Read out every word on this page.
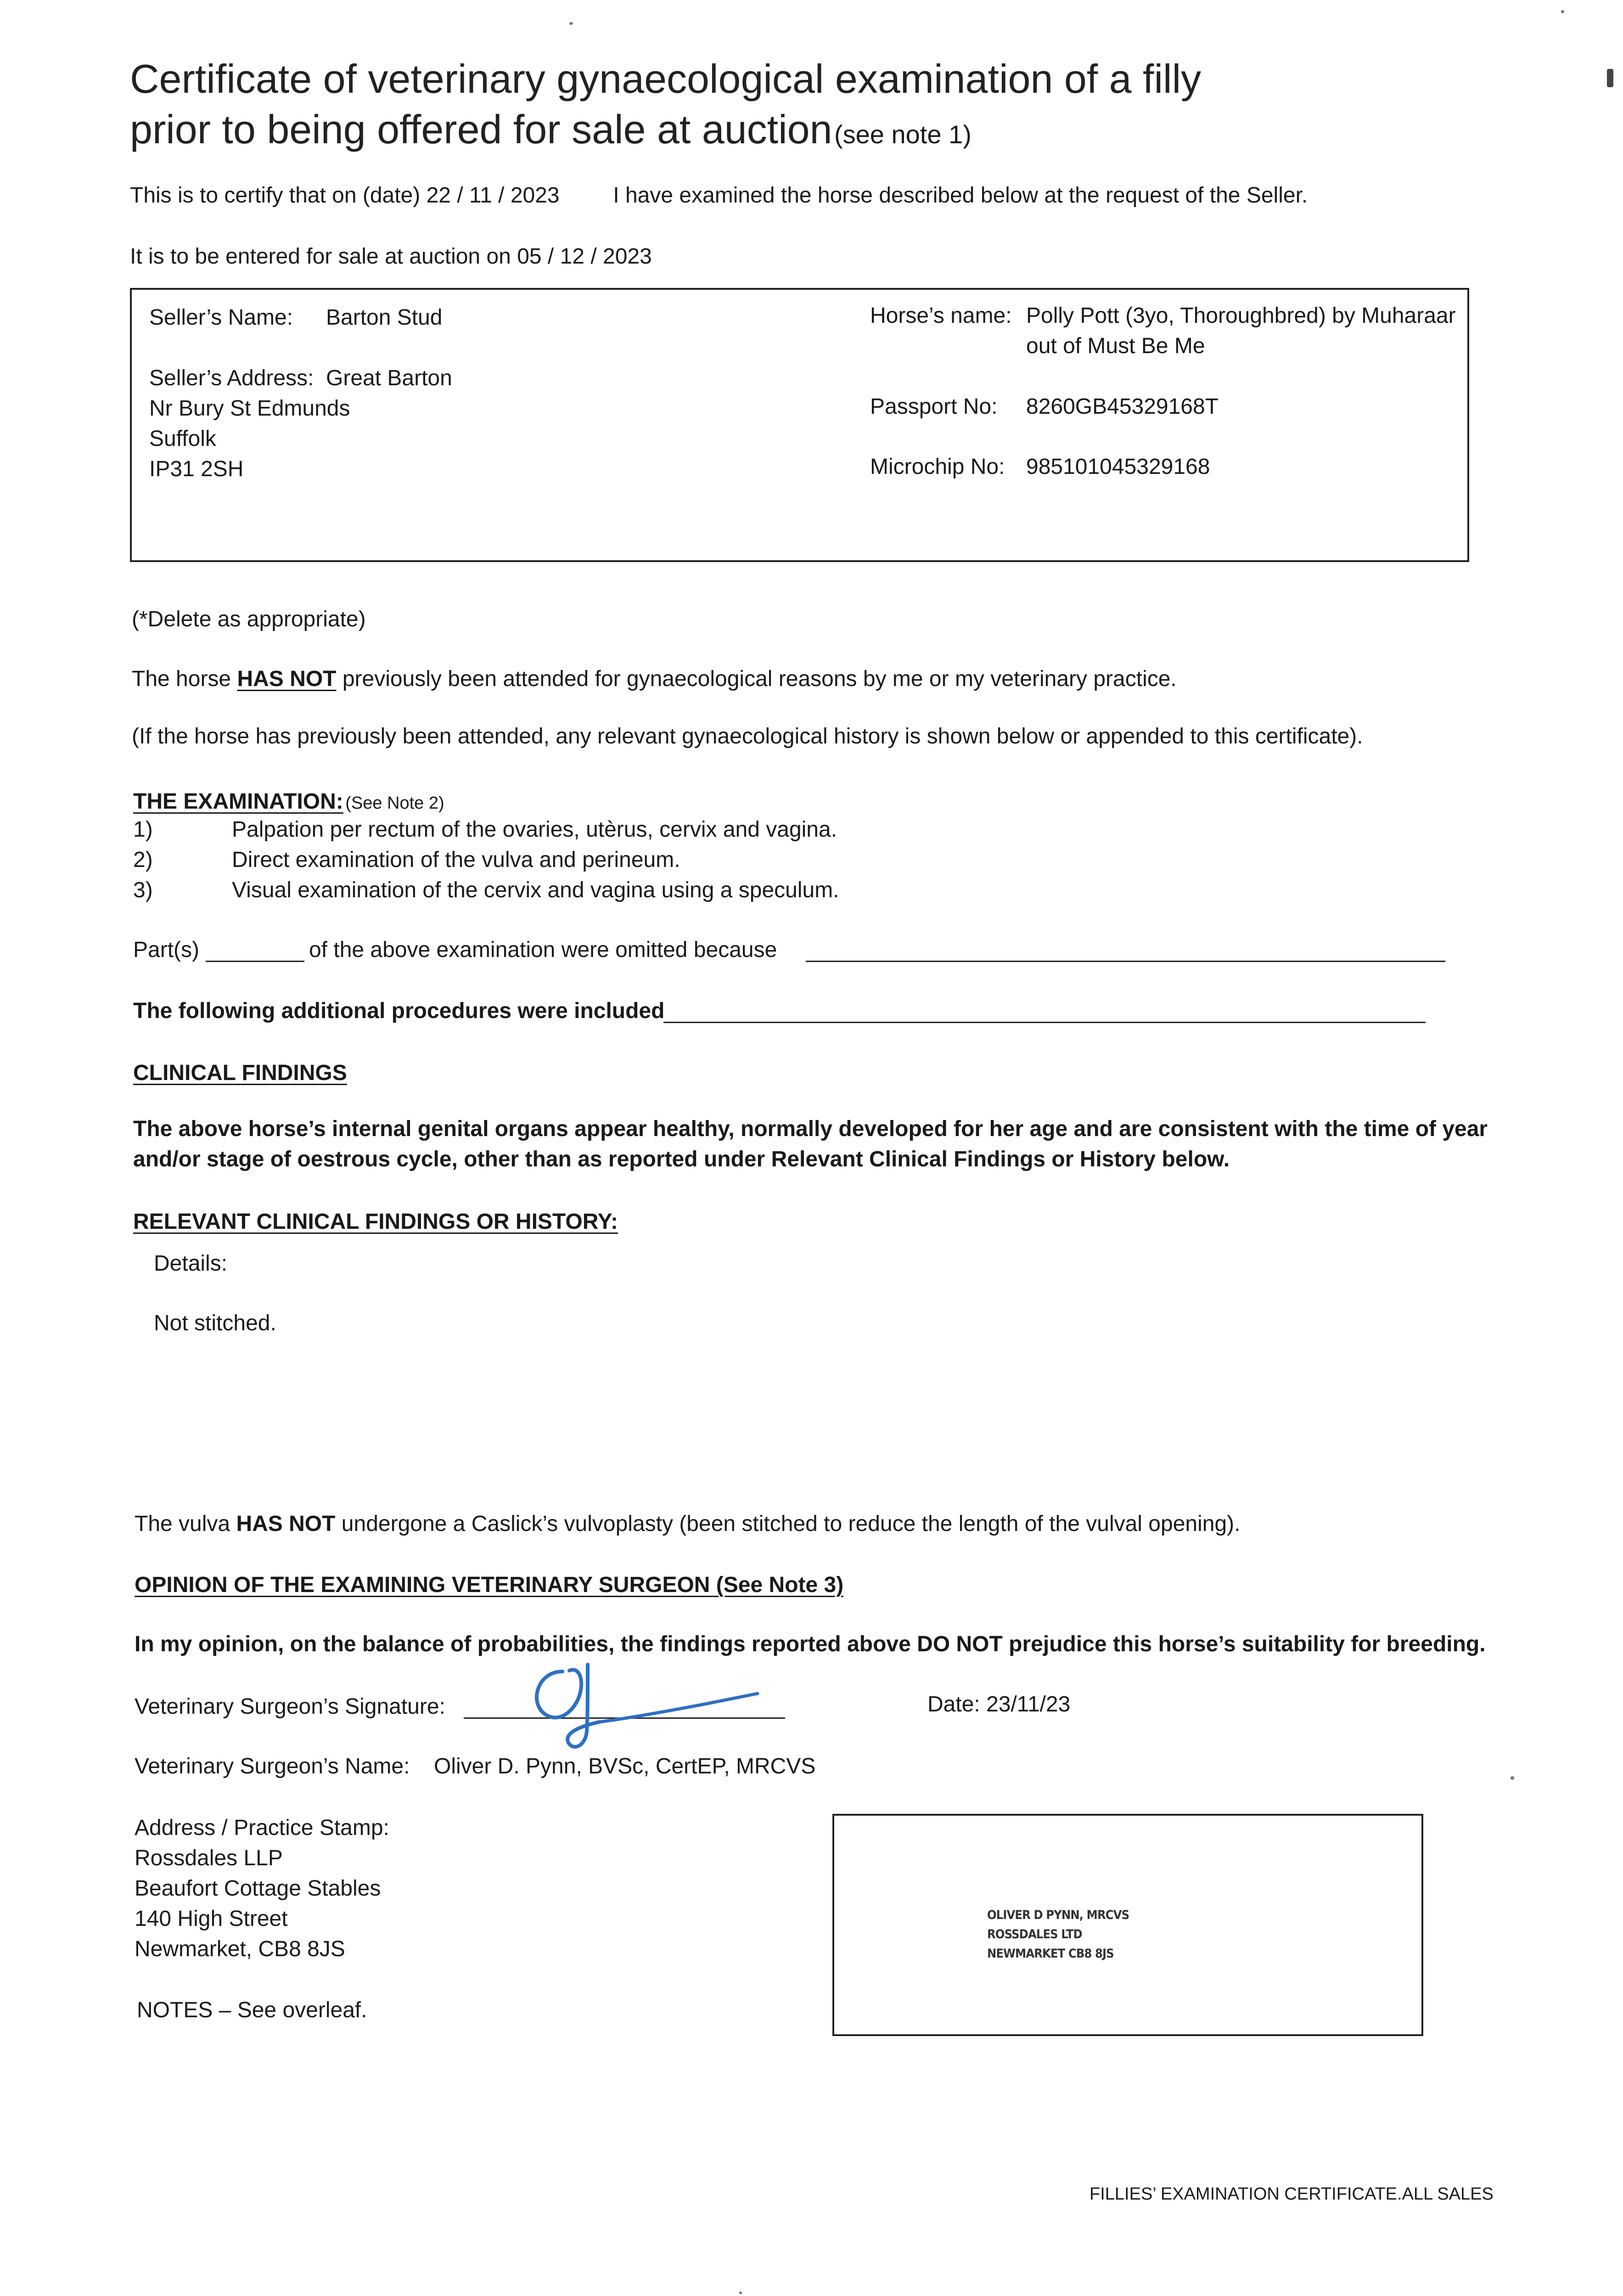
Certificate of veterinary gynaecological examination of a filly
prior to being offered for sale at auction (see note 1)
This is to certify that on (date) 22 / 11 / 2023 I have examined the horse described below at the request of the Seller.
It is to be entered for sale at auction on 05 / 12 / 2023
Seller’s Name: Barton Stud
Seller’s Address: Great Barton
Nr Bury St Edmunds
Suffolk
IP31 2SH
Horse’s name: Polly Pott (3yo, Thoroughbred) by Muharaar
out of Must Be Me
Passport No: 8260GB45329168T
Microchip No: 985101045329168
(*Delete as appropriate)
The horse HAS NOT previously been attended for gynaecological reasons by me or my veterinary practice.
(If the horse has previously been attended, any relevant gynaecological history is shown below or appended to this certificate).
THE EXAMINATION: (See Note 2)
1)	Palpation per rectum of the ovaries, utèrus, cervix and vagina.
2)	Direct examination of the vulva and perineum.
3)	Visual examination of the cervix and vagina using a speculum.
Part(s)	of the above examination were omitted because
The following additional procedures were included
CLINICAL FINDINGS
The above horse’s internal genital organs appear healthy, normally developed for her age and are consistent with the time of year
and/or stage of oestrous cycle, other than as reported under Relevant Clinical Findings or History below.
RELEVANT CLINICAL FINDINGS OR HISTORY:
Details:
Not stitched.
The vulva HAS NOT undergone a Caslick’s vulvoplasty (been stitched to reduce the length of the vulval opening).
OPINION OF THE EXAMINING VETERINARY SURGEON (See Note 3)
In my opinion, on the balance of probabilities, the findings reported above DO NOT prejudice this horse’s suitability for breeding.
Veterinary Surgeon’s Signature:	Date: 23/11/23
Veterinary Surgeon’s Name: Oliver D. Pynn, BVSc, CertEP, MRCVS
Address / Practice Stamp:
Rossdales LLP
Beaufort Cottage Stables
140 High Street
Newmarket, CB8 8JS
NOTES – See overleaf.
OLIVER D PYNN, MRCVS
ROSSDALES LTD
NEWMARKET CB8 8JS
FILLIES’ EXAMINATION CERTIFICATE.ALL SALES
